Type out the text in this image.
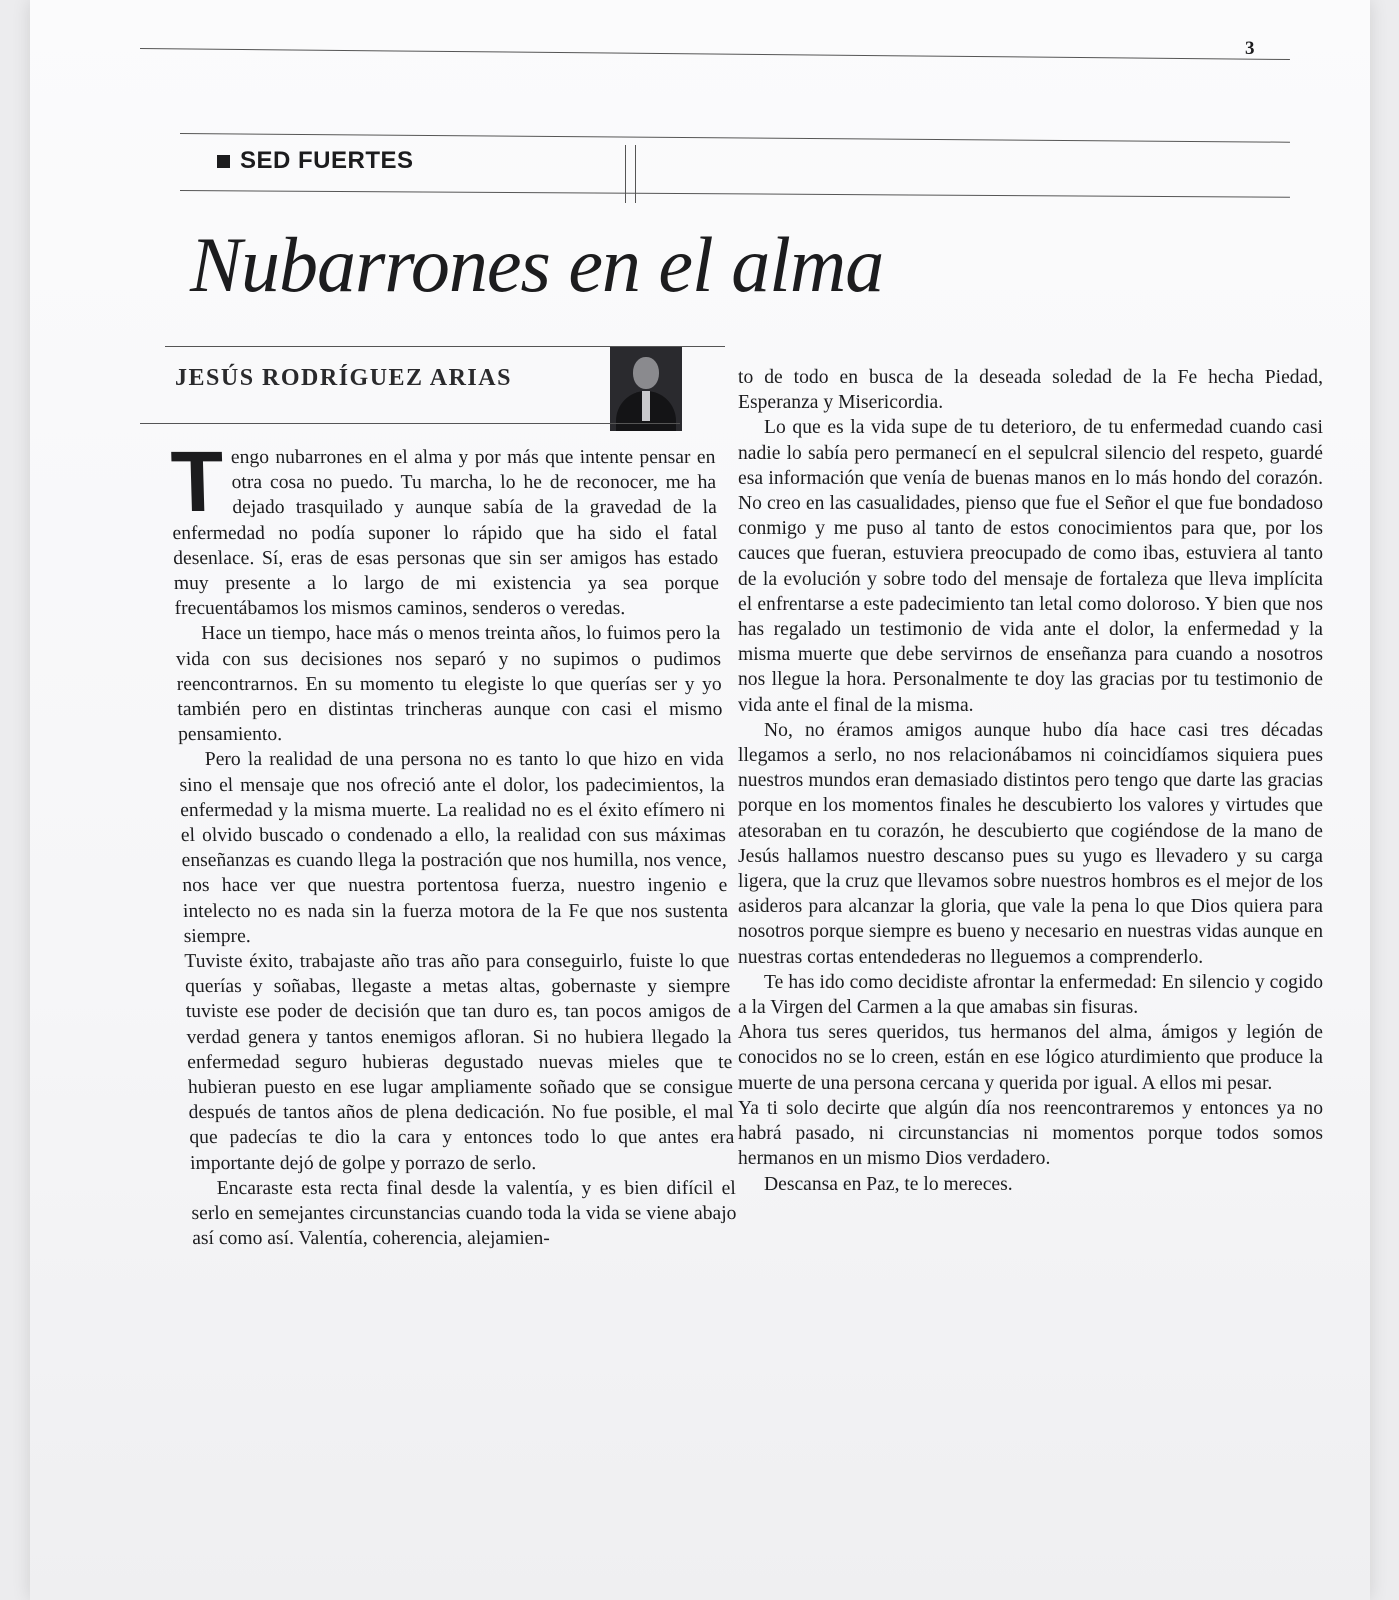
3
SED FUERTES
Nubarrones en el alma
JESÚS RODRÍGUEZ ARIAS

Tengo nubarrones en el alma y por más que intente pensar en otra cosa no puedo. Tu marcha, lo he de reconocer, me ha dejado trasquilado y aunque sabía de la gravedad de la enfermedad no podía suponer lo rápido que ha sido el fatal desenlace. Sí, eras de esas personas que sin ser amigos has estado muy presente a lo largo de mi existencia ya sea porque frecuentábamos los mismos caminos, senderos o veredas.

Hace un tiempo, hace más o menos treinta años, lo fuimos pero la vida con sus decisiones nos separó y no supimos o pudimos reencontrarnos. En su momento tu elegiste lo que querías ser y yo también pero en distintas trincheras aunque con casi el mismo pensamiento.

Pero la realidad de una persona no es tanto lo que hizo en vida sino el mensaje que nos ofreció ante el dolor, los padecimientos, la enfermedad y la misma muerte. La realidad no es el éxito efímero ni el olvido buscado o condenado a ello, la realidad con sus máximas enseñanzas es cuando llega la postración que nos humilla, nos vence, nos hace ver que nuestra portentosa fuerza, nuestro ingenio e intelecto no es nada sin la fuerza motora de la Fe que nos sustenta siempre.

Tuviste éxito, trabajaste año tras año para conseguirlo, fuiste lo que querías y soñabas, llegaste a metas altas, gobernaste y siempre tuviste ese poder de decisión que tan duro es, tan pocos amigos de verdad genera y tantos enemigos afloran. Si no hubiera llegado la enfermedad seguro hubieras degustado nuevas mieles que te hubieran puesto en ese lugar ampliamente soñado que se consigue después de tantos años de plena dedicación. No fue posible, el mal que padecías te dio la cara y entonces todo lo que antes era importante dejó de golpe y porrazo de serlo.

Encaraste esta recta final desde la valentía, y es bien difícil el serlo en semejantes circunstancias cuando toda la vida se viene abajo así como así. Valentía, coherencia, alejamien-

to de todo en busca de la deseada soledad de la Fe hecha Piedad, Esperanza y Misericordia.

Lo que es la vida supe de tu deterioro, de tu enfermedad cuando casi nadie lo sabía pero permanecí en el sepulcral silencio del respeto, guardé esa información que venía de buenas manos en lo más hondo del corazón. No creo en las casualidades, pienso que fue el Señor el que fue bondadoso conmigo y me puso al tanto de estos conocimientos para que, por los cauces que fueran, estuviera preocupado de como ibas, estuviera al tanto de la evolución y sobre todo del mensaje de fortaleza que lleva implícita el enfrentarse a este padecimiento tan letal como doloroso. Y bien que nos has regalado un testimonio de vida ante el dolor, la enfermedad y la misma muerte que debe servirnos de enseñanza para cuando a nosotros nos llegue la hora. Personalmente te doy las gracias por tu testimonio de vida ante el final de la misma.

No, no éramos amigos aunque hubo día hace casi tres décadas llegamos a serlo, no nos relacionábamos ni coincidíamos siquiera pues nuestros mundos eran demasiado distintos pero tengo que darte las gracias porque en los momentos finales he descubierto los valores y virtudes que atesoraban en tu corazón, he descubierto que cogiéndose de la mano de Jesús hallamos nuestro descanso pues su yugo es llevadero y su carga ligera, que la cruz que llevamos sobre nuestros hombros es el mejor de los asideros para alcanzar la gloria, que vale la pena lo que Dios quiera para nosotros porque siempre es bueno y necesario en nuestras vidas aunque en nuestras cortas entendederas no lleguemos a comprenderlo.

Te has ido como decidiste afrontar la enfermedad: En silencio y cogido a la Virgen del Carmen a la que amabas sin fisuras.

Ahora tus seres queridos, tus hermanos del alma, ámigos y legión de conocidos no se lo creen, están en ese lógico aturdimiento que produce la muerte de una persona cercana y querida por igual. A ellos mi pesar.

Ya ti solo decirte que algún día nos reencontraremos y entonces ya no habrá pasado, ni circunstancias ni momentos porque todos somos hermanos en un mismo Dios verdadero.

Descansa en Paz, te lo mereces.
